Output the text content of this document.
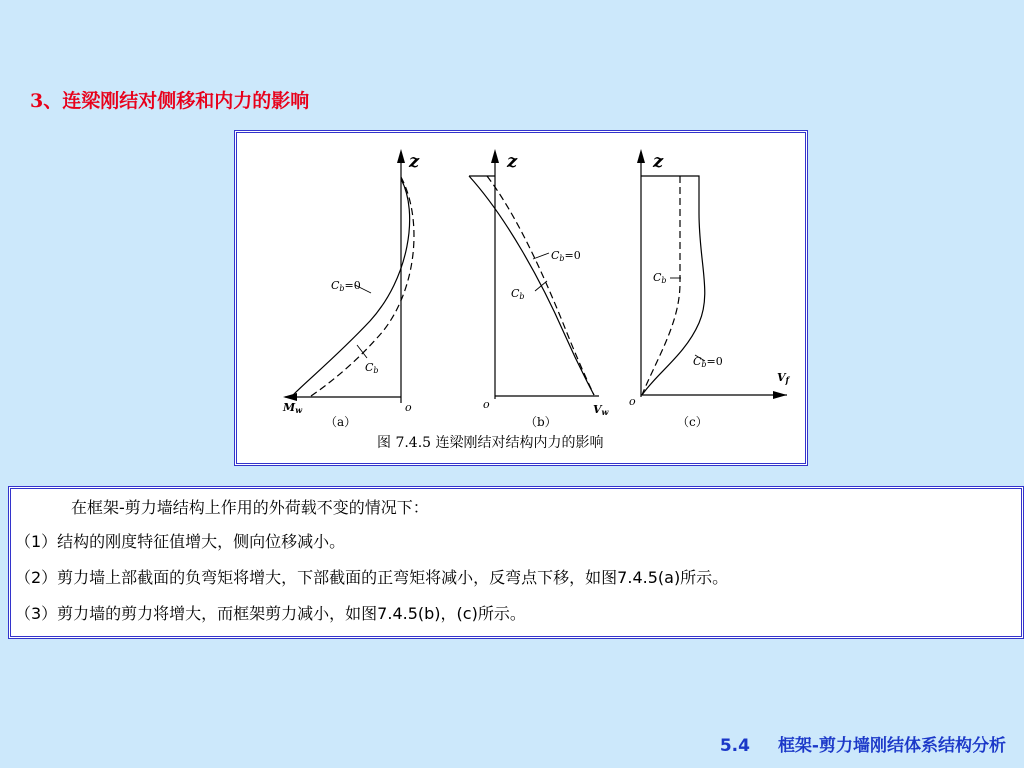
3、连梁刚结对侧移和内力的影响
z
Cb=0
Cb
Mw	o
（a）
z
Cb=0
Cb
o	Vw
（b）
z
Cb
Cb=0
o
Vf
（c）
图 7.4.5 连梁刚结对结构内力的影响
在框架-剪力墙结构上作用的外荷载不变的情况下：
（1）结构的刚度特征值增大，侧向位移减小。
（2）剪力墙上部截面的负弯矩将增大，下部截面的正弯矩将减小，反弯点下移，如图7.4.5(a)所示。
（3）剪力墙的剪力将增大，而框架剪力减小，如图7.4.5(b)，(c)所示。
5.4 框架-剪力墙刚结体系结构分析
